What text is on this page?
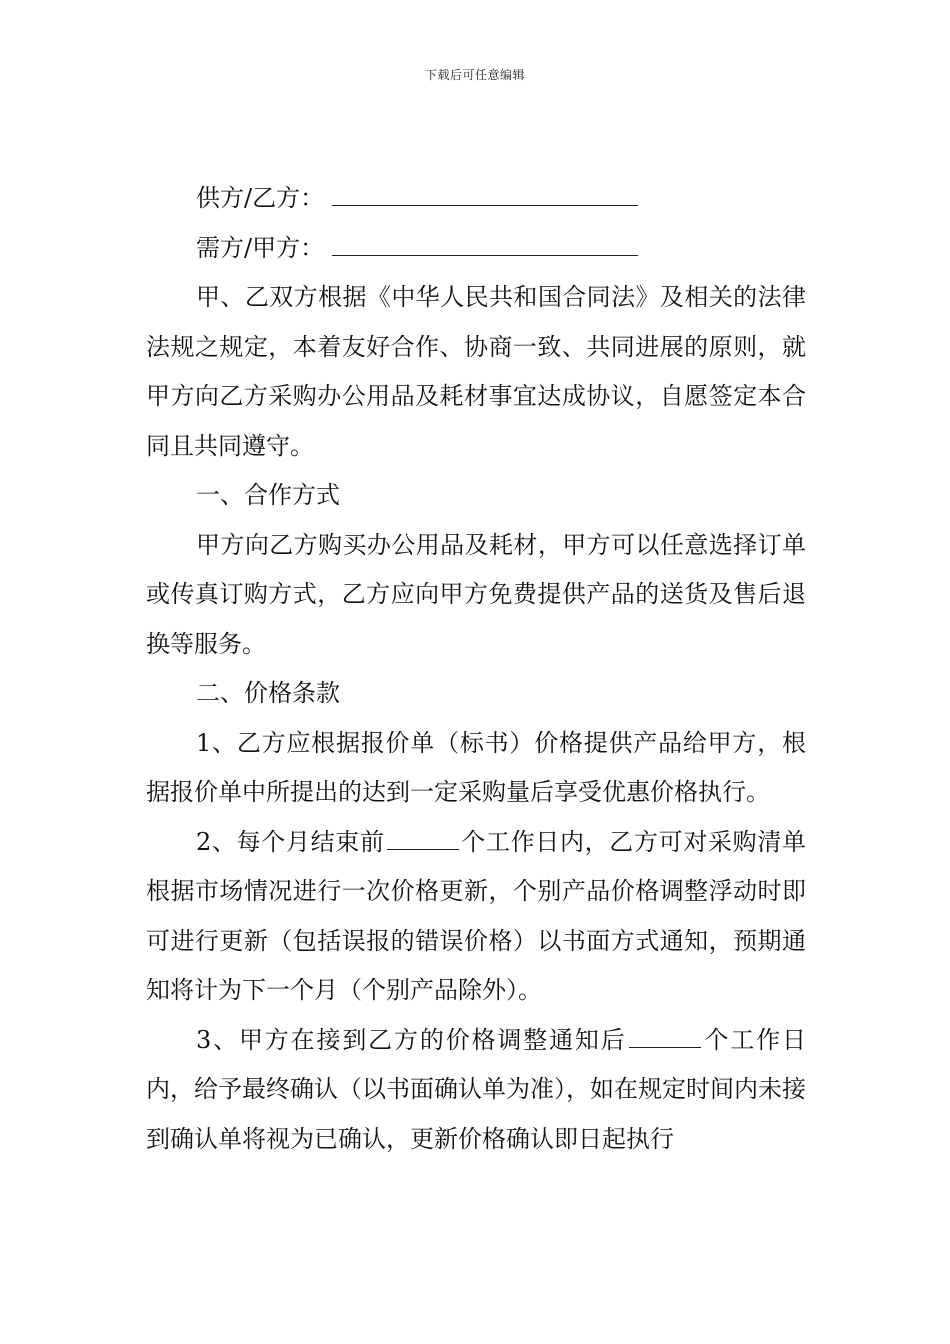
下载后可任意编辑
供方/乙方：
需方/甲方：
甲、乙双方根据《中华人民共和国合同法》及相关的法律法规之规定，本着友好合作、协商一致、共同进展的原则，就甲方向乙方采购办公用品及耗材事宜达成协议，自愿签定本合同且共同遵守。
一、合作方式
甲方向乙方购买办公用品及耗材，甲方可以任意选择订单或传真订购方式，乙方应向甲方免费提供产品的送货及售后退换等服务。
二、价格条款
1、乙方应根据报价单（标书）价格提供产品给甲方，根据报价单中所提出的达到一定采购量后享受优惠价格执行。
2、每个月结束前	个工作日内，乙方可对采购清单根据市场情况进行一次价格更新，个别产品价格调整浮动时即可进行更新（包括误报的错误价格）以书面方式通知，预期通知将计为下一个月（个别产品除外）。
3、甲方在接到乙方的价格调整通知后	个工作日内，给予最终确认（以书面确认单为准），如在规定时间内未接到确认单将视为已确认，更新价格确认即日起执行
